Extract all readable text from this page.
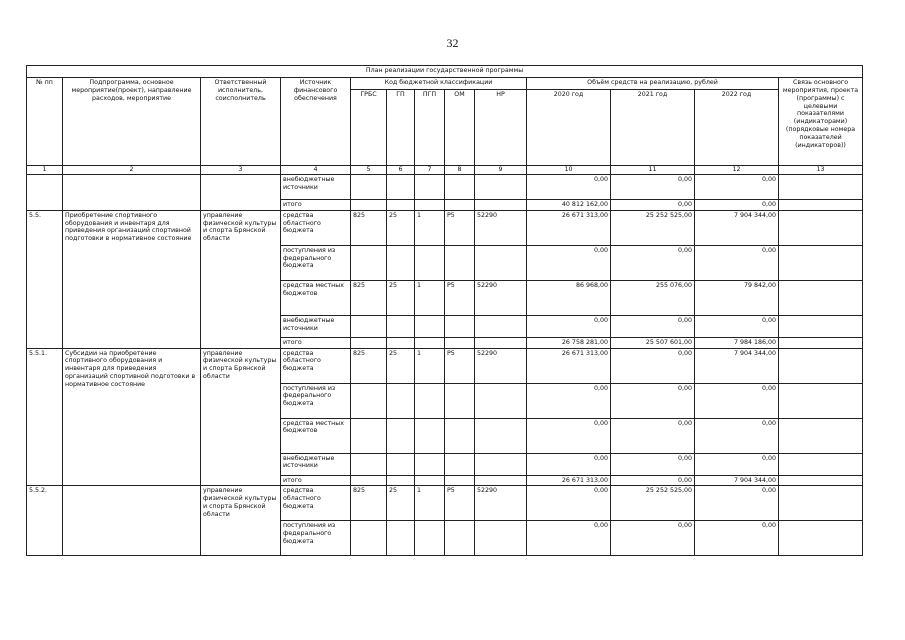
32
План реализации государственной программы												
№ пп	Подпрограмма, основное мероприятие(проект), направление расходов, мероприятие	Ответственный исполнитель, соисполнитель	Источник финансового обеспечения	Код бюджетной классификации					Объём средств на реализацию, рублей			Связь основного мероприятия, проекта (программы) с целевыми показателями (индикаторами) (порядковые номера показателей (индикаторов))
				ГРБС	ГП	ПГП	ОМ	НР	2020 год	2021 год	2022 год	
1	2	3	4	5	6	7	8	9	10	11	12	13
			внебюджетные источники						0,00	0,00	0,00	
			итого						40 812 162,00	0,00	0,00	
5.5.	Приобретение спортивного оборудования и инвентаря для приведения организаций спортивной подготовки в нормативное состояние	управление физической культуры и спорта Брянской области	средства областного бюджета	825	25	1	Р5	52290	26 671 313,00	25 252 525,00	7 904 344,00	
			поступления из федерального бюджета						0,00	0,00	0,00	
			средства местных бюджетов	825	25	1	Р5	52290	86 968,00	255 076,00	79 842,00	
			внебюджетные источники						0,00	0,00	0,00	
			итого						26 758 281,00	25 507 601,00	7 984 186,00	
5.5.1.	Субсидии на приобретение спортивного оборудования и инвентаря для приведения организаций спортивной подготовки в нормативное состояние	управление физической культуры и спорта Брянской области	средства областного бюджета	825	25	1	Р5	52290	26 671 313,00	0,00	7 904 344,00	
			поступления из федерального бюджета						0,00	0,00	0,00	
			средства местных бюджетов						0,00	0,00	0,00	
			внебюджетные источники						0,00	0,00	0,00	
			итого						26 671 313,00	0,00	7 904 344,00	
5.5.2.		управление физической культуры и спорта Брянской области	средства областного бюджета	825	25	1	Р5	52290	0,00	25 252 525,00	0,00	
			поступления из федерального бюджета						0,00	0,00	0,00	
